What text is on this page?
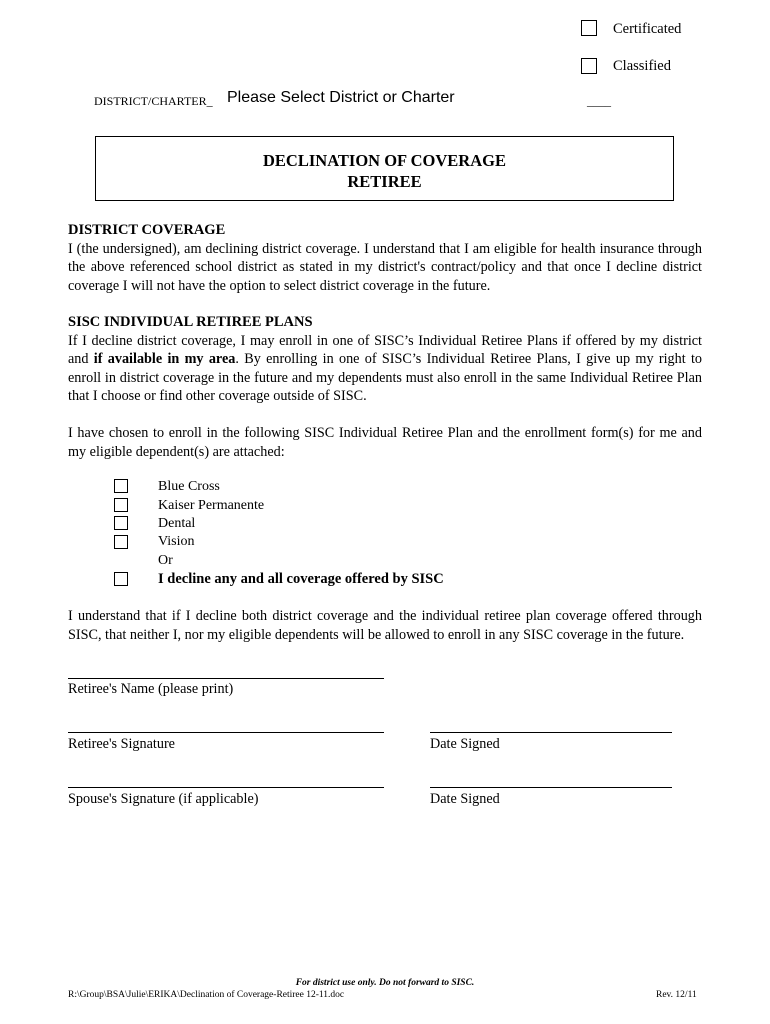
Certificated
Classified
DISTRICT/CHARTER_ Please Select District or Charter	____
DECLINATION OF COVERAGE
RETIREE
DISTRICT COVERAGE
I (the undersigned), am declining district coverage. I understand that I am eligible for health insurance through the above referenced school district as stated in my district's contract/policy and that once I decline district coverage I will not have the option to select district coverage in the future.
SISC INDIVIDUAL RETIREE PLANS
If I decline district coverage, I may enroll in one of SISC’s Individual Retiree Plans if offered by my district and if available in my area. By enrolling in one of SISC’s Individual Retiree Plans, I give up my right to enroll in district coverage in the future and my dependents must also enroll in the same Individual Retiree Plan that I choose or find other coverage outside of SISC.
I have chosen to enroll in the following SISC Individual Retiree Plan and the enrollment form(s) for me and my eligible dependent(s) are attached:
Blue Cross
Kaiser Permanente
Dental
Vision
Or
I decline any and all coverage offered by SISC
I understand that if I decline both district coverage and the individual retiree plan coverage offered through SISC, that neither I, nor my eligible dependents will be allowed to enroll in any SISC coverage in the future.
Retiree's Name (please print)
Retiree's Signature	Date Signed
Spouse's Signature (if applicable)	Date Signed
For district use only. Do not forward to SISC.
R:\Group\BSA\Julie\ERIKA\Declination of Coverage-Retiree 12-11.doc	Rev. 12/11
